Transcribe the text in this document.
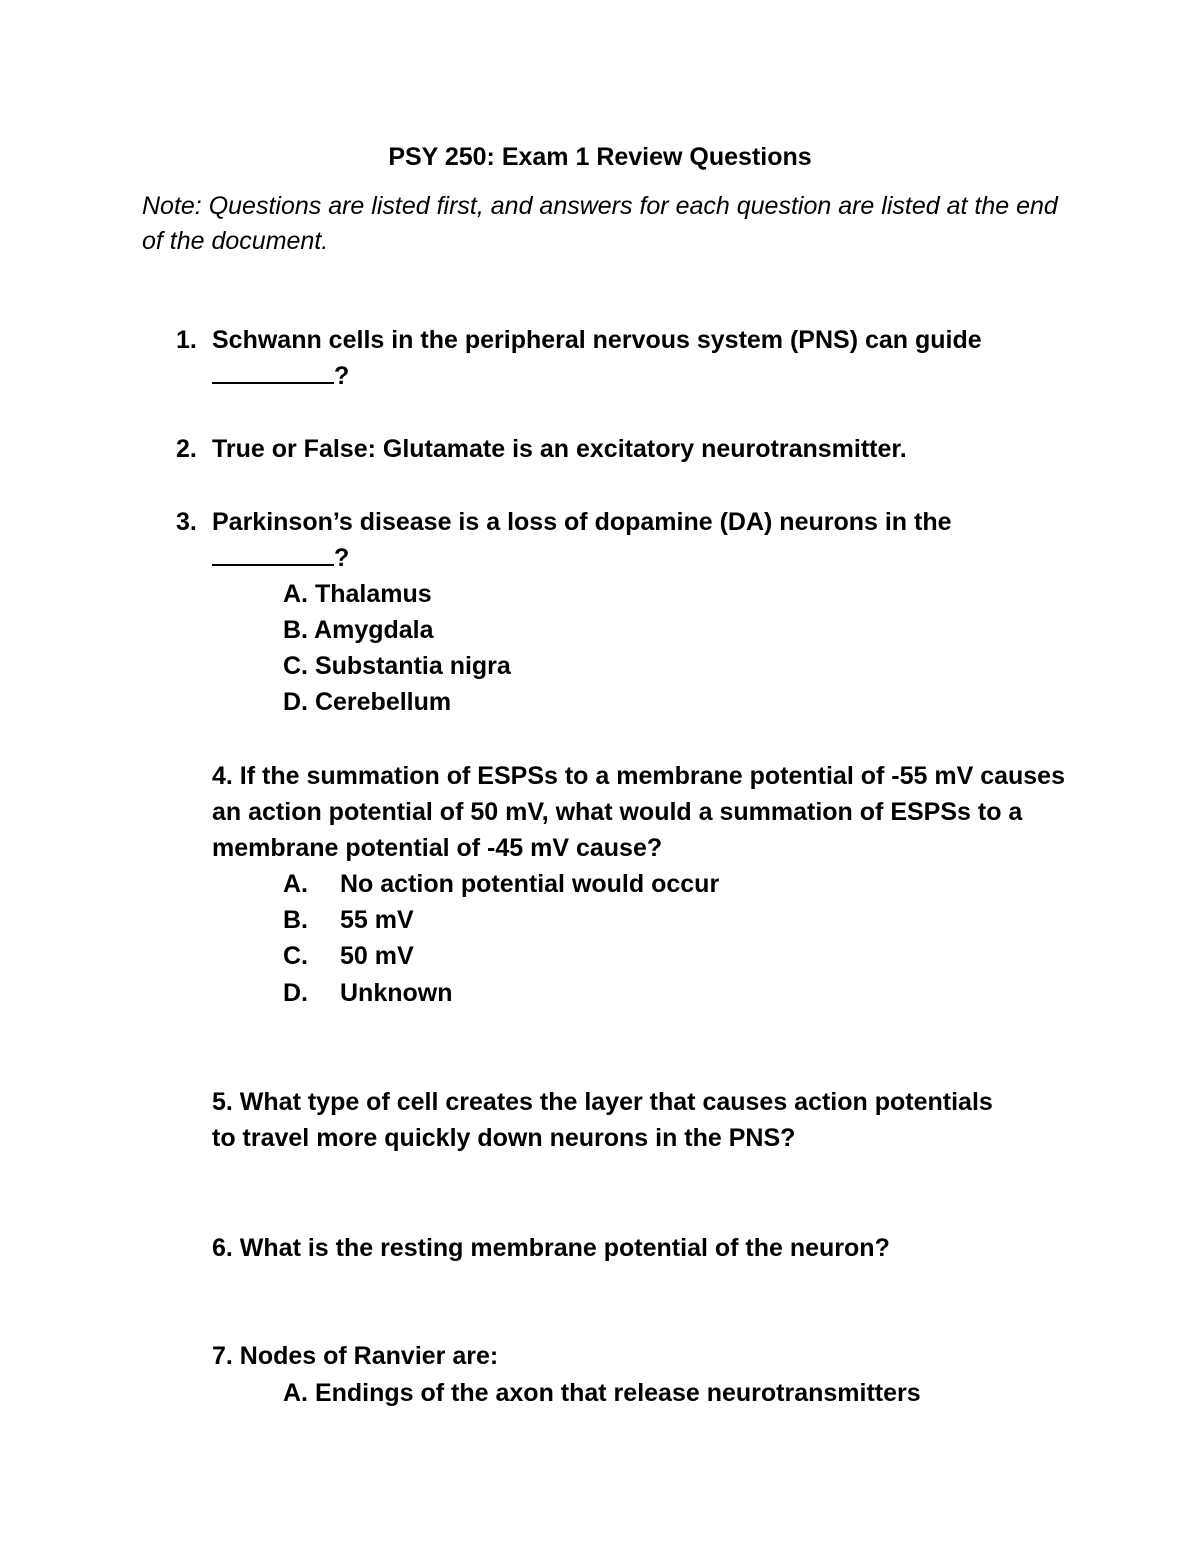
PSY 250: Exam 1 Review Questions
Note: Questions are listed first, and answers for each question are listed at the end of the document.
1. Schwann cells in the peripheral nervous system (PNS) can guide
?
2. True or False: Glutamate is an excitatory neurotransmitter.
3. Parkinson’s disease is a loss of dopamine (DA) neurons in the
?
A. Thalamus
B. Amygdala
C. Substantia nigra
D. Cerebellum
4. If the summation of ESPSs to a membrane potential of -55 mV causes an action potential of 50 mV, what would a summation of ESPSs to a membrane potential of -45 mV cause?
A. No action potential would occur
B. 55 mV
C. 50 mV
D. Unknown
5. What type of cell creates the layer that causes action potentials to travel more quickly down neurons in the PNS?
6. What is the resting membrane potential of the neuron?
7. Nodes of Ranvier are:
A. Endings of the axon that release neurotransmitters
